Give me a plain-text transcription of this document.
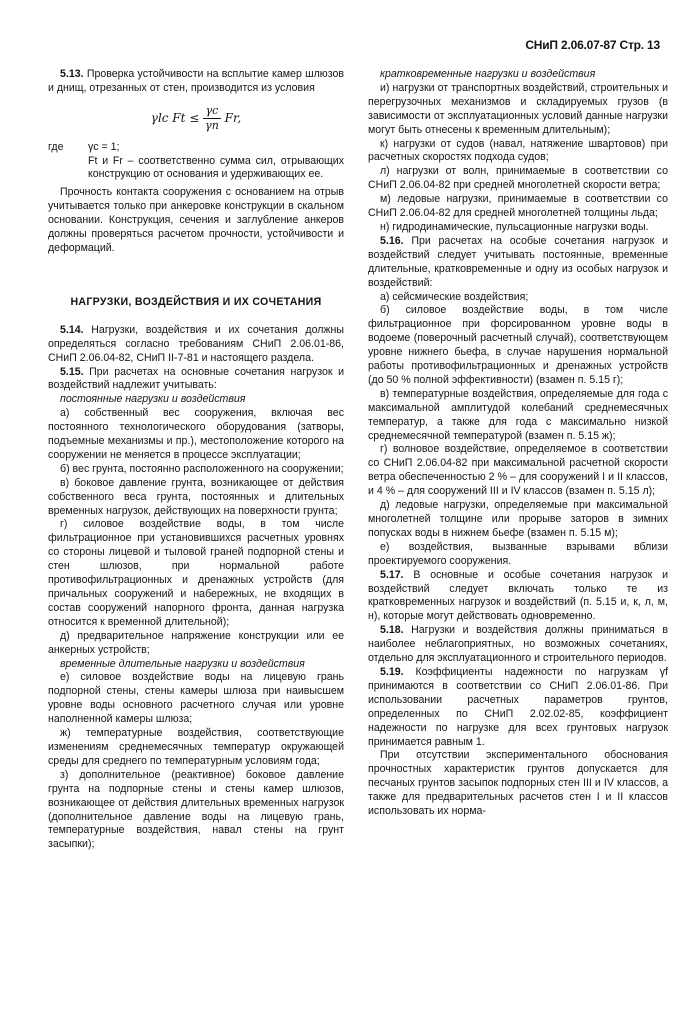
СНиП 2.06.07-87 Стр. 13

5.13. Проверка устойчивости на всплытие камер шлюзов и днищ, отрезанных от стен, производится из условия

γlc $Ft \le \frac{\gamma c}{\gamma n} Fr$,
где	γc = 1;
Ft и Fr – соответственно сумма сил, отрывающих конструкцию от основания и удерживающих ее.

Прочность контакта сооружения с основанием на отрыв учитывается только при анкеровке конструкции в скальном основании. Конструкция, сечения и заглубление анкеров должны проверяться расчетом прочности, устойчивости и деформаций.

НАГРУЗКИ, ВОЗДЕЙСТВИЯ И ИХ СОЧЕТАНИЯ

5.14. Нагрузки, воздействия и их сочетания должны определяться согласно требованиям СНиП 2.06.01-86, СНиП 2.06.04-82, СНиП II-7-81 и настоящего раздела.

5.15. При расчетах на основные сочетания нагрузок и воздействий надлежит учитывать:

постоянные нагрузки и воздействия

а) собственный вес сооружения, включая вес постоянного технологического оборудования (затворы, подъемные механизмы и пр.), местоположение которого на сооружении не меняется в процессе эксплуатации;

б) вес грунта, постоянно расположенного на сооружении;

в) боковое давление грунта, возникающее от действия собственного веса грунта, постоянных и длительных временных нагрузок, действующих на поверхности грунта;

г) силовое воздействие воды, в том числе фильтрационное при установившихся расчетных уровнях со стороны лицевой и тыловой граней подпорной стены и стен шлюзов, при нормальной работе противофильтрационных и дренажных устройств (для причальных сооружений и набережных, не входящих в состав сооружений напорного фронта, данная нагрузка относится к временной длительной);

д) предварительное напряжение конструкции или ее анкерных устройств;

временные длительные нагрузки и воздействия

е) силовое воздействие воды на лицевую грань подпорной стены, стены камеры шлюза при наивысшем уровне воды основного расчетного случая или уровне наполненной камеры шлюза;

ж) температурные воздействия, соответствующие изменениям среднемесячных температур окружающей среды для среднего по температурным условиям года;

з) дополнительное (реактивное) боковое давление грунта на подпорные стены и стены камер шлюзов, возникающее от действия длительных временных нагрузок (дополнительное давление воды на лицевую грань, температурные воздействия, навал стены на грунт засыпки);

кратковременные нагрузки и воздействия

и) нагрузки от транспортных воздействий, строительных и перегрузочных механизмов и складируемых грузов (в зависимости от эксплуатационных условий данные нагрузки могут быть отнесены к временным длительным);

к) нагрузки от судов (навал, натяжение швартовов) при расчетных скоростях подхода судов;

л) нагрузки от волн, принимаемые в соответствии со СНиП 2.06.04-82 при средней многолетней скорости ветра;

м) ледовые нагрузки, принимаемые в соответствии со СНиП 2.06.04-82 для средней многолетней толщины льда;

н) гидродинамические, пульсационные нагрузки воды.

5.16. При расчетах на особые сочетания нагрузок и воздействий следует учитывать постоянные, временные длительные, кратковременные и одну из особых нагрузок и воздействий:

а) сейсмические воздействия;

б) силовое воздействие воды, в том числе фильтрационное при форсированном уровне воды в водоеме (поверочный расчетный случай), соответствующем уровне нижнего бьефа, в случае нарушения нормальной работы противофильтрационных и дренажных устройств (до 50 % полной эффективности) (взамен п. 5.15 г);

в) температурные воздействия, определяемые для года с максимальной амплитудой колебаний среднемесячных температур, а также для года с максимально низкой среднемесячной температурой (взамен п. 5.15 ж);

г) волновое воздействие, определяемое в соответствии со СНиП 2.06.04-82 при максимальной расчетной скорости ветра обеспеченностью 2 % – для сооружений I и II классов, и 4 % – для сооружений III и IV классов (взамен п. 5.15 л);

д) ледовые нагрузки, определяемые при максимальной многолетней толщине или прорыве заторов в зимних попусках воды в нижнем бьефе (взамен п. 5.15 м);

е) воздействия, вызванные взрывами вблизи проектируемого сооружения.

5.17. В основные и особые сочетания нагрузок и воздействий следует включать только те из кратковременных нагрузок и воздействий (п. 5.15 и, к, л, м, н), которые могут действовать одновременно.

5.18. Нагрузки и воздействия должны приниматься в наиболее неблагоприятных, но возможных сочетаниях, отдельно для эксплуатационного и строительного периодов.

5.19. Коэффициенты надежности по нагрузкам γf принимаются в соответствии со СНиП 2.06.01-86. При использовании расчетных параметров грунтов, определенных по СНиП 2.02.02-85, коэффициент надежности по нагрузке для всех грунтовых нагрузок принимается равным 1.

При отсутствии экспериментального обоснования прочностных характеристик грунтов допускается для песчаных грунтов засыпок подпорных стен III и IV классов, а также для предварительных расчетов стен I и II классов использовать их норма-
